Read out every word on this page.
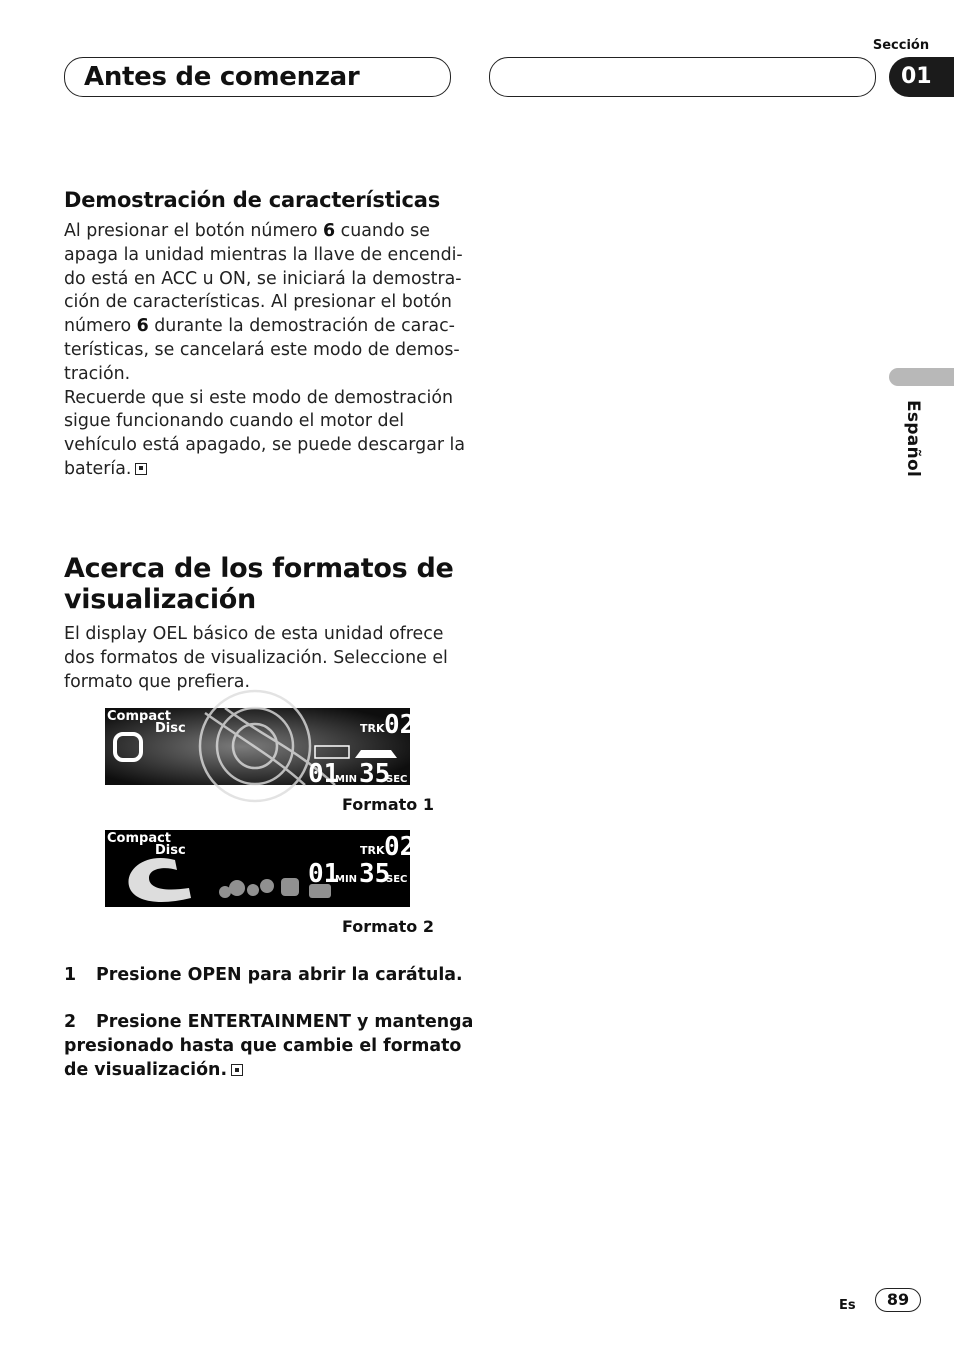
Antes de comenzar
Sección
01
Español
Demostración de características
Al presionar el botón número 6 cuando se
apaga la unidad mientras la llave de encendi-
do está en ACC u ON, se iniciará la demostra-
ción de características. Al presionar el botón
número 6 durante la demostración de carac-
terísticas, se cancelará este modo de demos-
tración.
Recuerde que si este modo de demostración
sigue funcionando cuando el motor del
vehículo está apagado, se puede descargar la
batería.
Acerca de los formatos de
visualización
El display OEL básico de esta unidad ofrece
dos formatos de visualización. Seleccione el
formato que prefiera.
Compact
Disc	TRK 02
01
MIN 35
SEC
Formato 1
Compact
Disc	TRK 02
01
MIN 35
SEC
Formato 2
1 Presione OPEN para abrir la carátula.
2 Presione ENTERTAINMENT y mantenga
presionado hasta que cambie el formato
de visualización.
Es	89
